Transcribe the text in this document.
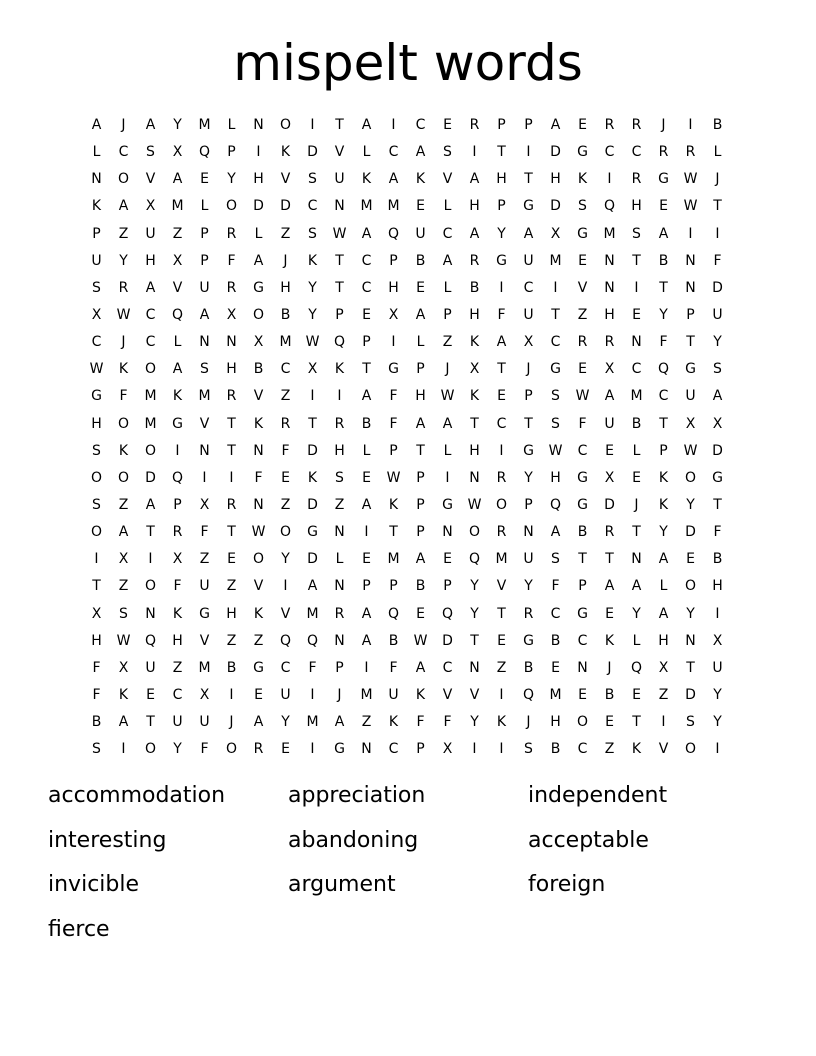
mispelt words
A	J	A	Y	M	L	N	O	I	T	A	I	C	E	R	P	P	A	E	R	R	J	I	B
L	C	S	X	Q	P	I	K	D	V	L	C	A	S	I	T	I	D	G	C	C	R	R	L
N	O	V	A	E	Y	H	V	S	U	K	A	K	V	A	H	T	H	K	I	R	G	W	J
K	A	X	M	L	O	D	D	C	N	M	M	E	L	H	P	G	D	S	Q	H	E	W	T
P	Z	U	Z	P	R	L	Z	S	W	A	Q	U	C	A	Y	A	X	G	M	S	A	I	I
U	Y	H	X	P	F	A	J	K	T	C	P	B	A	R	G	U	M	E	N	T	B	N	F
S	R	A	V	U	R	G	H	Y	T	C	H	E	L	B	I	C	I	V	N	I	T	N	D
X	W	C	Q	A	X	O	B	Y	P	E	X	A	P	H	F	U	T	Z	H	E	Y	P	U
C	J	C	L	N	N	X	M	W	Q	P	I	L	Z	K	A	X	C	R	R	N	F	T	Y
W	K	O	A	S	H	B	C	X	K	T	G	P	J	X	T	J	G	E	X	C	Q	G	S
G	F	M	K	M	R	V	Z	I	I	A	F	H	W	K	E	P	S	W	A	M	C	U	A
H	O	M	G	V	T	K	R	T	R	B	F	A	A	T	C	T	S	F	U	B	T	X	X
S	K	O	I	N	T	N	F	D	H	L	P	T	L	H	I	G	W	C	E	L	P	W	D
O	O	D	Q	I	I	F	E	K	S	E	W	P	I	N	R	Y	H	G	X	E	K	O	G
S	Z	A	P	X	R	N	Z	D	Z	A	K	P	G	W	O	P	Q	G	D	J	K	Y	T
O	A	T	R	F	T	W	O	G	N	I	T	P	N	O	R	N	A	B	R	T	Y	D	F
I	X	I	X	Z	E	O	Y	D	L	E	M	A	E	Q	M	U	S	T	T	N	A	E	B
T	Z	O	F	U	Z	V	I	A	N	P	P	B	P	Y	V	Y	F	P	A	A	L	O	H
X	S	N	K	G	H	K	V	M	R	A	Q	E	Q	Y	T	R	C	G	E	Y	A	Y	I
H	W	Q	H	V	Z	Z	Q	Q	N	A	B	W	D	T	E	G	B	C	K	L	H	N	X
F	X	U	Z	M	B	G	C	F	P	I	F	A	C	N	Z	B	E	N	J	Q	X	T	U
F	K	E	C	X	I	E	U	I	J	M	U	K	V	V	I	Q	M	E	B	E	Z	D	Y
B	A	T	U	U	J	A	Y	M	A	Z	K	F	F	Y	K	J	H	O	E	T	I	S	Y
S	I	O	Y	F	O	R	E	I	G	N	C	P	X	I	I	S	B	C	Z	K	V	O	I
accommodation	appreciation	independent
interesting	abandoning	acceptable
invicible	argument	foreign
fierce
